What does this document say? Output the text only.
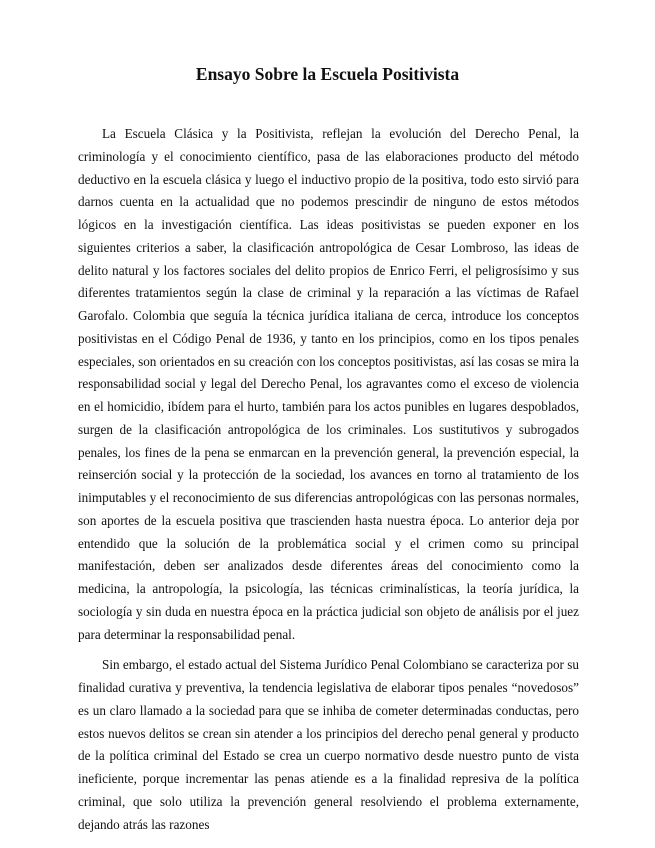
Ensayo Sobre la Escuela Positivista

La Escuela Clásica y la Positivista, reflejan la evolución del Derecho Penal, la criminología y el conocimiento científico, pasa de las elaboraciones producto del método deductivo en la escuela clásica y luego el inductivo propio de la positiva, todo esto sirvió para darnos cuenta en la actualidad que no podemos prescindir de ninguno de estos métodos lógicos en la investigación científica. Las ideas positivistas se pueden exponer en los siguientes criterios a saber, la clasificación antropológica de Cesar Lombroso, las ideas de delito natural y los factores sociales del delito propios de Enrico Ferri, el peligrosísimo y sus diferentes tratamientos según la clase de criminal y la reparación a las víctimas de Rafael Garofalo. Colombia que seguía la técnica jurídica italiana de cerca, introduce los conceptos positivistas en el Código Penal de 1936, y tanto en los principios, como en los tipos penales especiales, son orientados en su creación con los conceptos positivistas, así las cosas se mira la responsabilidad social y legal del Derecho Penal, los agravantes como el exceso de violencia en el homicidio, ibídem para el hurto, también para los actos punibles en lugares despoblados, surgen de la clasificación antropológica de los criminales. Los sustitutivos y subrogados penales, los fines de la pena se enmarcan en la prevención general, la prevención especial, la reinserción social y la protección de la sociedad, los avances en torno al tratamiento de los inimputables y el reconocimiento de sus diferencias antropológicas con las personas normales, son aportes de la escuela positiva que trascienden hasta nuestra época. Lo anterior deja por entendido que la solución de la problemática social y el crimen como su principal manifestación, deben ser analizados desde diferentes áreas del conocimiento como la medicina, la antropología, la psicología, las técnicas criminalísticas, la teoría jurídica, la sociología y sin duda en nuestra época en la práctica judicial son objeto de análisis por el juez para determinar la responsabilidad penal.

Sin embargo, el estado actual del Sistema Jurídico Penal Colombiano se caracteriza por su finalidad curativa y preventiva, la tendencia legislativa de elaborar tipos penales “novedosos” es un claro llamado a la sociedad para que se inhiba de cometer determinadas conductas, pero estos nuevos delitos se crean sin atender a los principios del derecho penal general y producto de la política criminal del Estado se crea un cuerpo normativo desde nuestro punto de vista ineficiente, porque incrementar las penas atiende es a la finalidad represiva de la política criminal, que solo utiliza la prevención general resolviendo el problema externamente, dejando atrás las razones
